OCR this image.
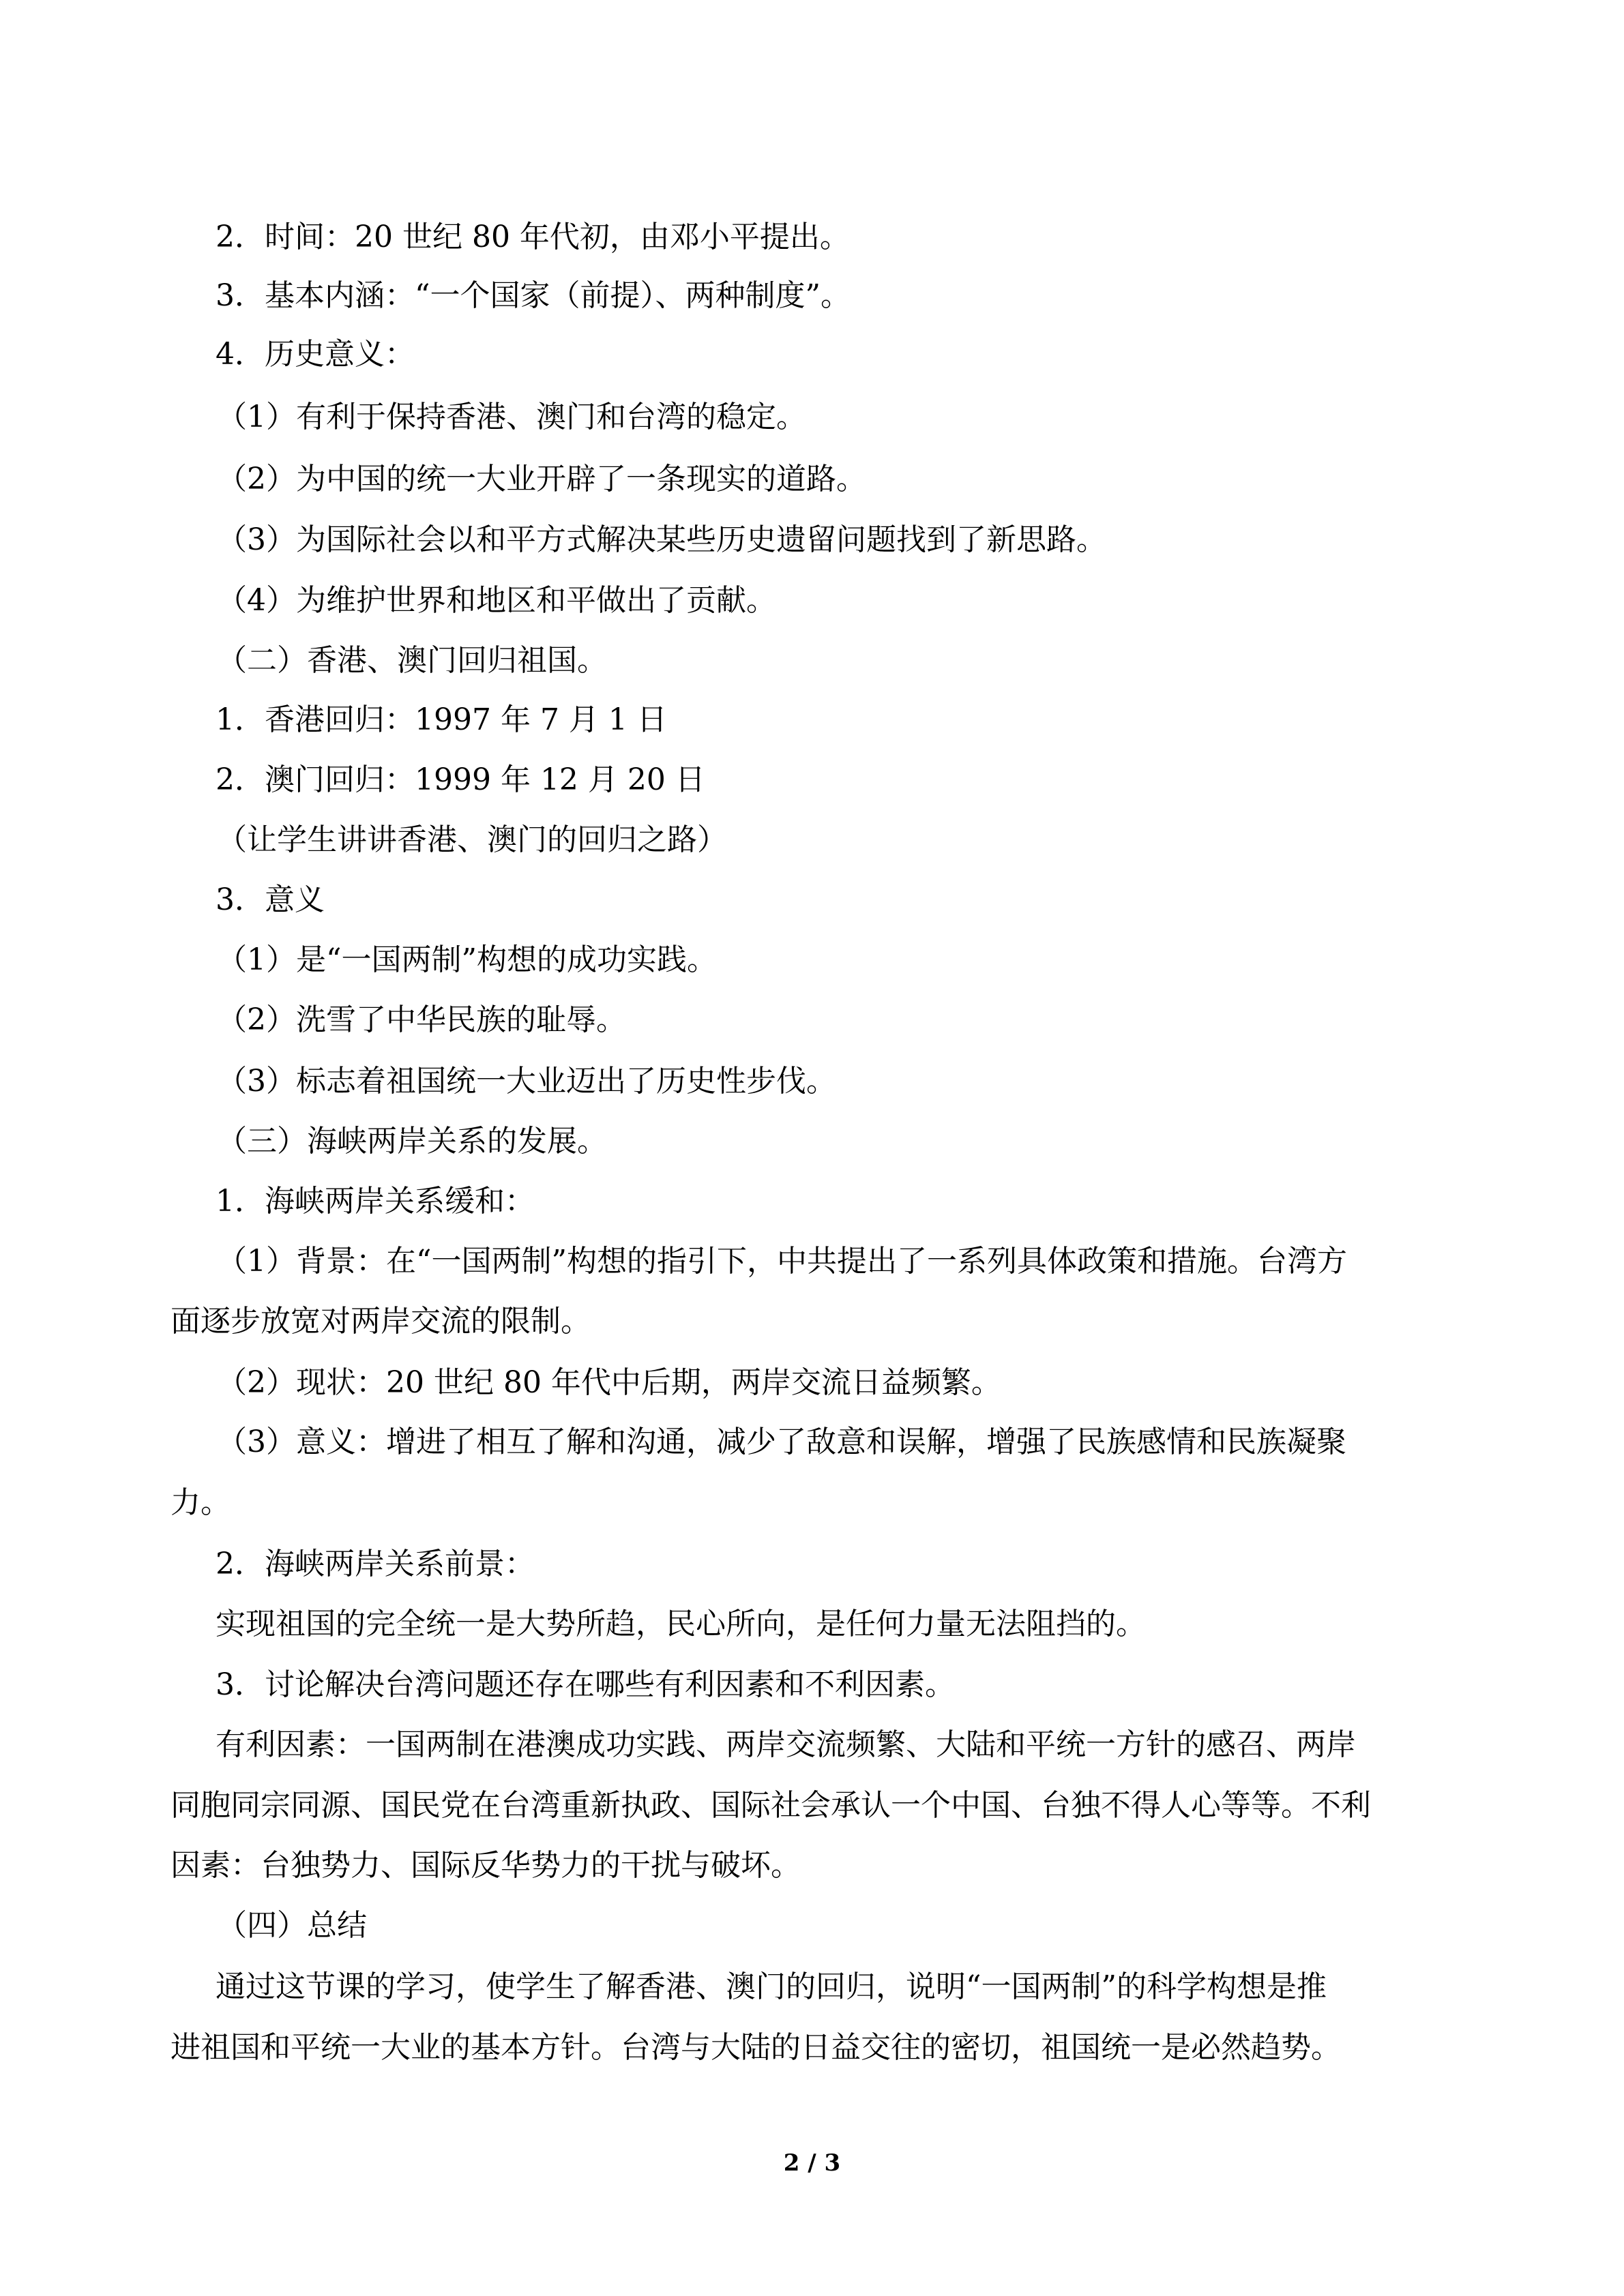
2．时间：20 世纪 80 年代初，由邓小平提出。

3．基本内涵：“一个国家（前提）、两种制度”。

4．历史意义：

（1）有利于保持香港、澳门和台湾的稳定。

（2）为中国的统一大业开辟了一条现实的道路。

（3）为国际社会以和平方式解决某些历史遗留问题找到了新思路。

（4）为维护世界和地区和平做出了贡献。

（二）香港、澳门回归祖国。

1．香港回归：1997 年 7 月 1 日

2．澳门回归：1999 年 12 月 20 日

（让学生讲讲香港、澳门的回归之路）

3．意义

（1）是“一国两制”构想的成功实践。

（2）洗雪了中华民族的耻辱。

（3）标志着祖国统一大业迈出了历史性步伐。

（三）海峡两岸关系的发展。

1．海峡两岸关系缓和：

（1）背景：在“一国两制”构想的指引下，中共提出了一系列具体政策和措施。台湾方

面逐步放宽对两岸交流的限制。

（2）现状：20 世纪 80 年代中后期，两岸交流日益频繁。

（3）意义：增进了相互了解和沟通，减少了敌意和误解，增强了民族感情和民族凝聚

力。

2．海峡两岸关系前景：

实现祖国的完全统一是大势所趋，民心所向，是任何力量无法阻挡的。

3．讨论解决台湾问题还存在哪些有利因素和不利因素。

有利因素：一国两制在港澳成功实践、两岸交流频繁、大陆和平统一方针的感召、两岸

同胞同宗同源、国民党在台湾重新执政、国际社会承认一个中国、台独不得人心等等。不利

因素：台独势力、国际反华势力的干扰与破坏。

（四）总结

通过这节课的学习，使学生了解香港、澳门的回归，说明“一国两制”的科学构想是推

进祖国和平统一大业的基本方针。台湾与大陆的日益交往的密切，祖国统一是必然趋势。

2 / 3
